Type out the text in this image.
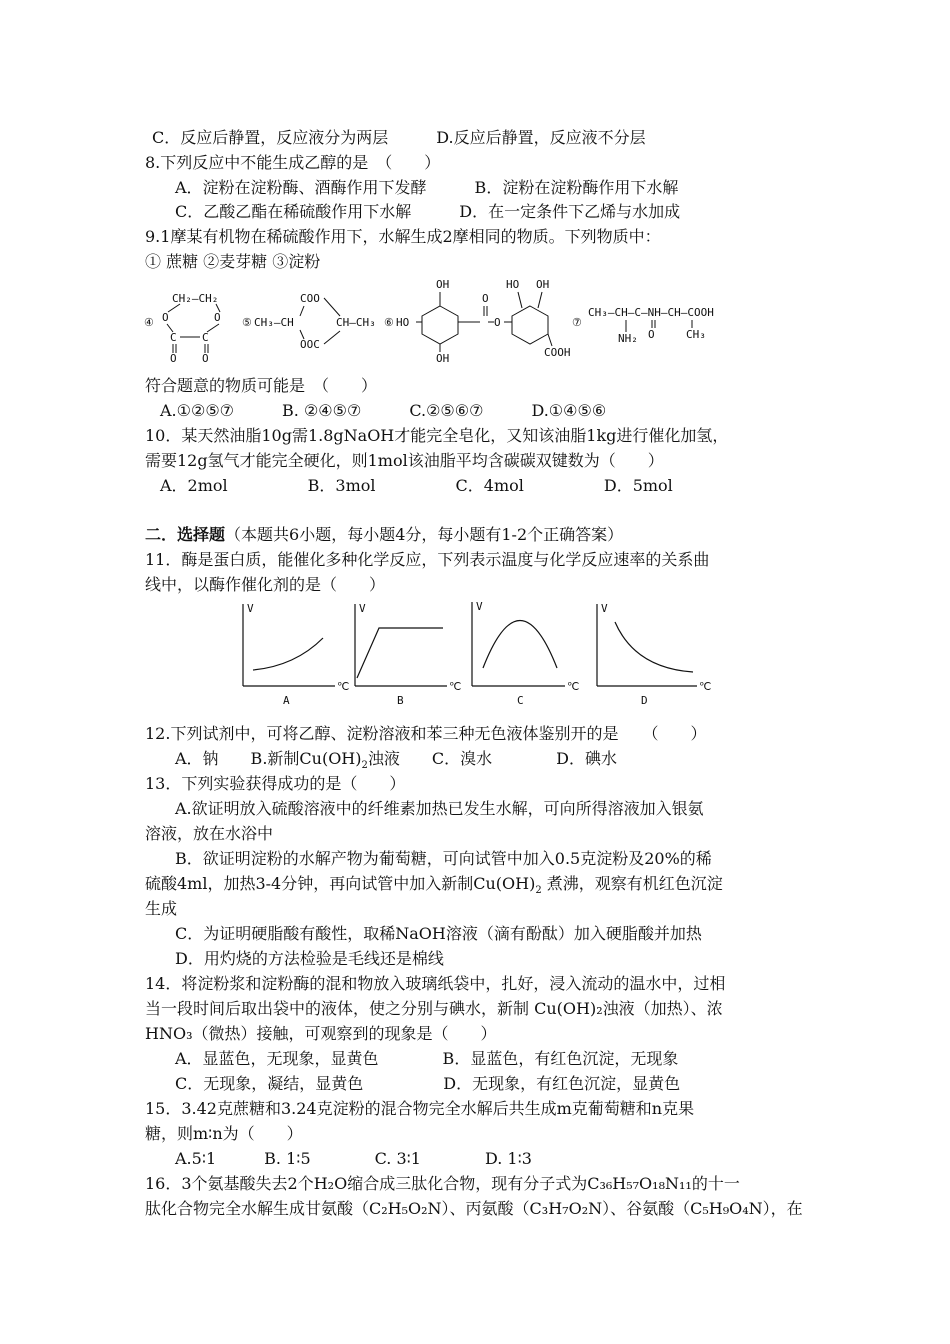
C．反应后静置，反应液分为两层　　　D.反应后静置，反应液不分层
8.下列反应中不能生成乙醇的是　（　　）
A．淀粉在淀粉酶、酒酶作用下发酵　　　B．淀粉在淀粉酶作用下水解
C．乙酸乙酯在稀硫酸作用下水解　　　D．在一定条件下乙烯与水加成
9.1摩某有机物在稀硫酸作用下，水解生成2摩相同的物质。下列物质中：
① 蔗糖 ②麦芽糖 ③淀粉
④
CH₂—CH₂
O	O
C C
O O
⑤ CH₃—CH
COO
OOC
CH—CH₃ ⑥ HO
OH
OH
O
O
HO OH
COOH
⑦
CH₃—CH—C—NH—CH—COOH
NH₂ O	CH₃
符合题意的物质可能是　（　　）
A.①②⑤⑦　　　B. ②④⑤⑦　　　C.②⑤⑥⑦　　　D.①④⑤⑥
10．某天然油脂10g需1.8gNaOH才能完全皂化，又知该油脂1kg进行催化加氢，
需要12g氢气才能完全硬化，则1mol该油脂平均含碳碳双键数为（　　）
A．2mol　　　　　B．3mol　　　　　C．4mol　　　　　D．5mol
二．选择题（本题共6小题，每小题4分，每小题有1-2个正确答案）
11．酶是蛋白质，能催化多种化学反应，下列表示温度与化学反应速率的关系曲
线中，以酶作催化剂的是（　　）
V
℃
A
V
℃
B
V
℃
C
V
℃
D
12.下列试剂中，可将乙醇、淀粉溶液和苯三种无色液体鉴别开的是　　（　　）
A．钠　　B.新制$Cu(OH)_2$浊液　　C．溴水　　　　D．碘水
13．下列实验获得成功的是（　　）
A.欲证明放入硫酸溶液中的纤维素加热已发生水解，可向所得溶液加入银氨
溶液，放在水浴中
B．欲证明淀粉的水解产物为葡萄糖，可向试管中加入0.5克淀粉及20%的稀
硫酸4ml，加热3-4分钟，再向试管中加入新制$Cu(OH)_2$ 煮沸，观察有机红色沉淀
生成
C．为证明硬脂酸有酸性，取稀NaOH溶液（滴有酚酞）加入硬脂酸并加热
D．用灼烧的方法检验是毛线还是棉线
14．将淀粉浆和淀粉酶的混和物放入玻璃纸袋中，扎好，浸入流动的温水中，过相
当一段时间后取出袋中的液体，使之分别与碘水，新制 Cu(OH)₂浊液（加热）、浓
HNO₃（微热）接触，可观察到的现象是（　　）
A．显蓝色，无现象，显黄色　　　　B．显蓝色，有红色沉淀，无现象
C．无现象，凝结，显黄色　　　　　D．无现象，有红色沉淀，显黄色
15．3.42克蔗糖和3.24克淀粉的混合物完全水解后共生成m克葡萄糖和n克果
糖，则m∶n为（　　）
A.5∶1　　　B. 1∶5　　　　C. 3∶1　　　　D. 1∶3
16．3个氨基酸失去2个H₂O缩合成三肽化合物，现有分子式为C₃₆H₅₇O₁₈N₁₁的十一
肽化合物完全水解生成甘氨酸（C₂H₅O₂N）、丙氨酸（C₃H₇O₂N）、谷氨酸（C₅H₉O₄N），在
